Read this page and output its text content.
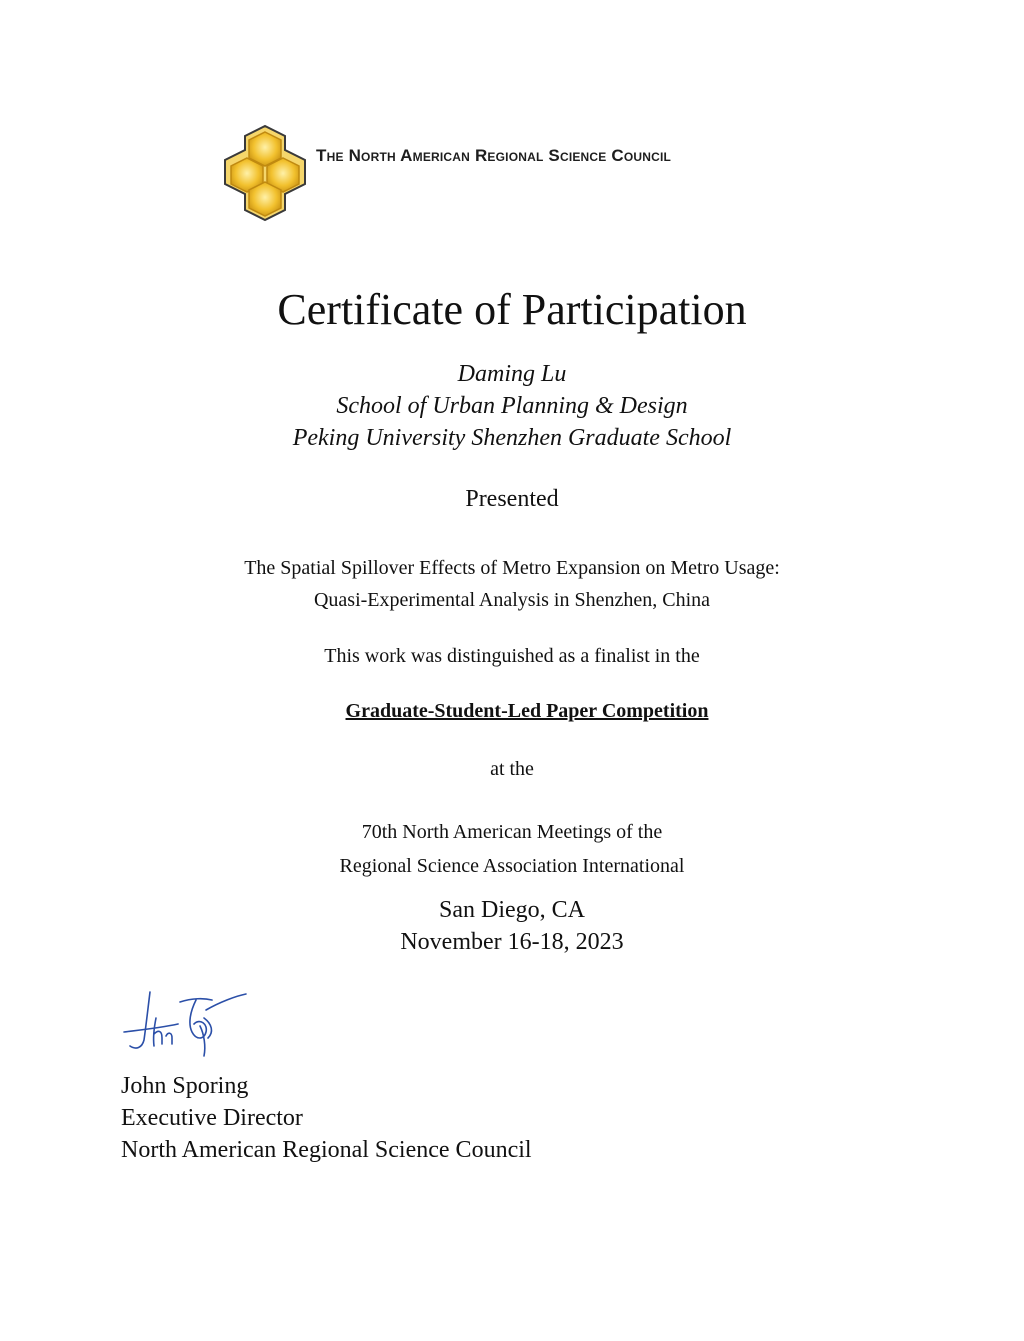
The North American Regional Science Council
Certificate of Participation
Daming Lu
School of Urban Planning & Design
Peking University Shenzhen Graduate School
Presented
The Spatial Spillover Effects of Metro Expansion on Metro Usage:
Quasi-Experimental Analysis in Shenzhen, China
This work was distinguished as a finalist in the
Graduate-Student-Led Paper Competition
at the
70th North American Meetings of the
Regional Science Association International
San Diego, CA
November 16-18, 2023
John Sporing
Executive Director
North American Regional Science Council
